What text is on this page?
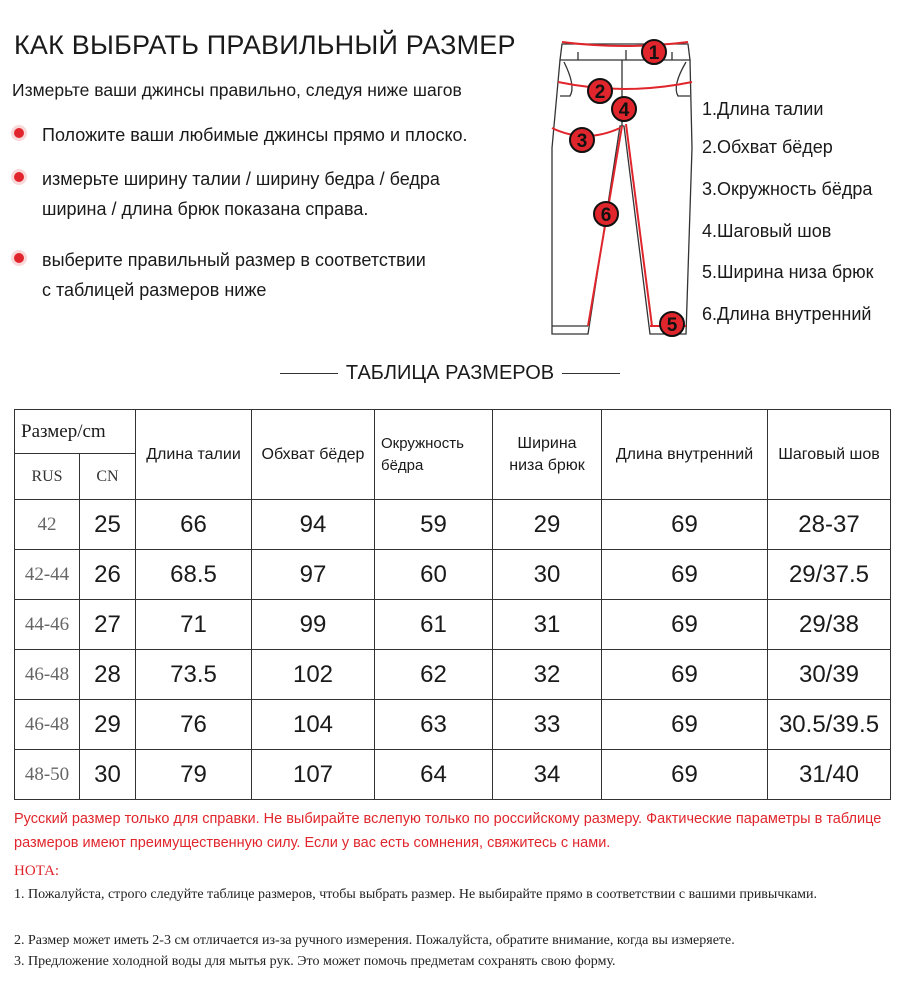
КАК ВЫБРАТЬ ПРАВИЛЬНЫЙ РАЗМЕР
Измерьте ваши джинсы правильно, следуя ниже шагов
Положите ваши любимые джинсы прямо и плоско.
измерьте ширину талии / ширину бедра / бедра
ширина / длина брюк показана справа.
выберите правильный размер в соответствии
с таблицей размеров ниже
1
2
3
4
5
6
1.Длина талии
2.Обхват бёдер
3.Окружность бёдра
4.Шаговый шов
5.Ширина низа брюк
6.Длина внутренний
ТАБЛИЦА РАЗМЕРОВ
Размер/cm		Длина талии	Обхват бёдер	Окружность бёдра	Ширина низа брюк	Длина внутренний	Шаговый шов
RUS	CN						
42	25	66	94	59	29	69	28-37
42-44	26	68.5	97	60	30	69	29/37.5
44-46	27	71	99	61	31	69	29/38
46-48	28	73.5	102	62	32	69	30/39
46-48	29	76	104	63	33	69	30.5/39.5
48-50	30	79	107	64	34	69	31/40
Русский размер только для справки. Не выбирайте вслепую только по российскому размеру. Фактические параметры в таблице размеров имеют преимущественную силу. Если у вас есть сомнения, свяжитесь с нами.
НОТА:
1. Пожалуйста, строго следуйте таблице размеров, чтобы выбрать размер. Не выбирайте прямо в соответствии с вашими привычками.
2. Размер может иметь 2-3 см отличается из-за ручного измерения. Пожалуйста, обратите внимание, когда вы измеряете.
3. Предложение холодной воды для мытья рук. Это может помочь предметам сохранять свою форму.
